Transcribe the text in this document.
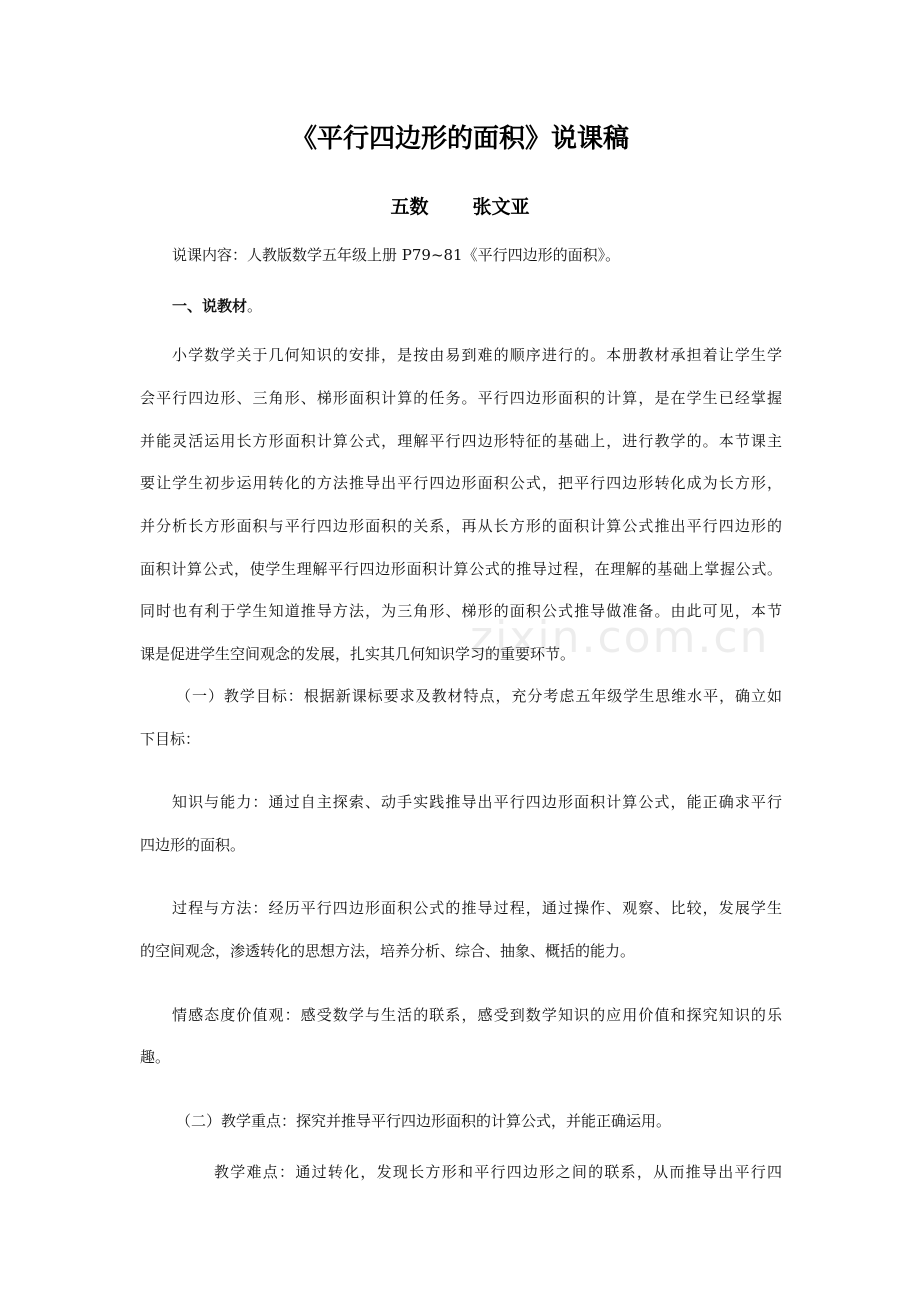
zixin.com.cn
《平行四边形的面积》说课稿
五数 张文亚
说课内容：人教版数学五年级上册 P79~81《平行四边形的面积》。
一、说教材。
小学数学关于几何知识的安排，是按由易到难的顺序进行的。本册教材承担着让学生学
会平行四边形、三角形、梯形面积计算的任务。平行四边形面积的计算，是在学生已经掌握
并能灵活运用长方形面积计算公式，理解平行四边形特征的基础上，进行教学的。本节课主
要让学生初步运用转化的方法推导出平行四边形面积公式，把平行四边形转化成为长方形，
并分析长方形面积与平行四边形面积的关系，再从长方形的面积计算公式推出平行四边形的
面积计算公式，使学生理解平行四边形面积计算公式的推导过程，在理解的基础上掌握公式。
同时也有利于学生知道推导方法，为三角形、梯形的面积公式推导做准备。由此可见，本节
课是促进学生空间观念的发展，扎实其几何知识学习的重要环节。
（一）教学目标：根据新课标要求及教材特点，充分考虑五年级学生思维水平，确立如
下目标：
知识与能力：通过自主探索、动手实践推导出平行四边形面积计算公式，能正确求平行
四边形的面积。
过程与方法：经历平行四边形面积公式的推导过程，通过操作、观察、比较，发展学生
的空间观念，渗透转化的思想方法，培养分析、综合、抽象、概括的能力。
情感态度价值观：感受数学与生活的联系，感受到数学知识的应用价值和探究知识的乐
趣。
（二）教学重点：探究并推导平行四边形面积的计算公式，并能正确运用。
教学难点：通过转化，发现长方形和平行四边形之间的联系，从而推导出平行四
